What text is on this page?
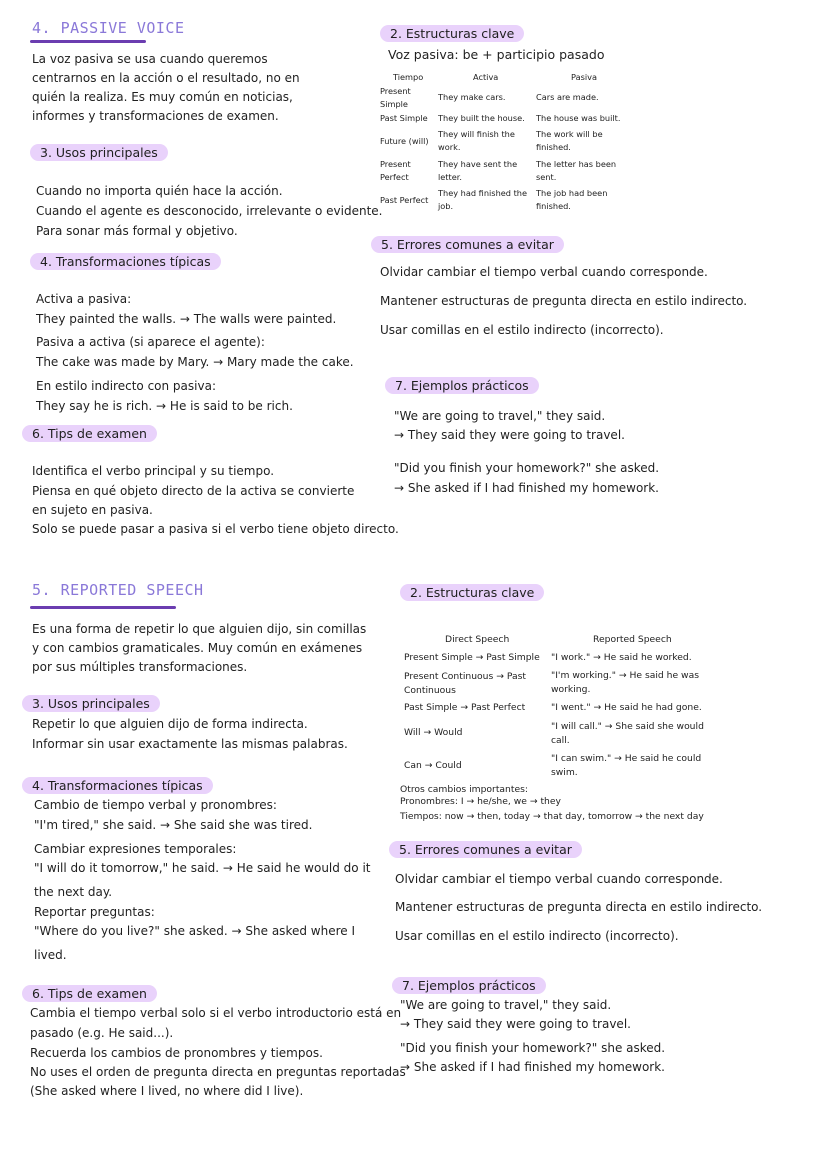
4. PASSIVE VOICE
La voz pasiva se usa cuando queremos centrarnos en la acción o el resultado, no en quién la realiza. Es muy común en noticias, informes y transformaciones de examen.
3. Usos principales
Cuando no importa quién hace la acción.
Cuando el agente es desconocido, irrelevante o evidente.
Para sonar más formal y objetivo.
4. Transformaciones típicas
Activa a pasiva:
They painted the walls. → The walls were painted.
Pasiva a activa (si aparece el agente):
The cake was made by Mary. → Mary made the cake.
En estilo indirecto con pasiva:
They say he is rich. → He is said to be rich.
6. Tips de examen
Identifica el verbo principal y su tiempo.
Piensa en qué objeto directo de la activa se convierte en sujeto en pasiva.
Solo se puede pasar a pasiva si el verbo tiene objeto directo.
2. Estructuras clave
Voz pasiva: be + participio pasado
Tiempo	Activa	Pasiva
Present Simple
They make cars.	Cars are made.
Past Simple They built the house. The house was built.
Future (will)
They will finish the work.
The work will be finished.
Present Perfect
They have sent the letter.
The letter has been sent.
Past Perfect
They had finished the job.
The job had been finished.
5. Errores comunes a evitar
Olvidar cambiar el tiempo verbal cuando corresponde.
Mantener estructuras de pregunta directa en estilo indirecto.
Usar comillas en el estilo indirecto (incorrecto).
7. Ejemplos prácticos
"We are going to travel," they said.
→ They said they were going to travel.
"Did you finish your homework?" she asked.
→ She asked if I had finished my homework.
5. REPORTED SPEECH
Es una forma de repetir lo que alguien dijo, sin comillas
y con cambios gramaticales. Muy común en exámenes
por sus múltiples transformaciones.
3. Usos principales
Repetir lo que alguien dijo de forma indirecta.
Informar sin usar exactamente las mismas palabras.
4. Transformaciones típicas
Cambio de tiempo verbal y pronombres:
"I'm tired," she said. → She said she was tired.
Cambiar expresiones temporales:
"I will do it tomorrow," he said. → He said he would do it
the next day.
Reportar preguntas:
"Where do you live?" she asked. → She asked where I
lived.
6. Tips de examen
Cambia el tiempo verbal solo si el verbo introductorio está en
pasado (e.g. He said...).
Recuerda los cambios de pronombres y tiempos.
No uses el orden de pregunta directa en preguntas reportadas
(She asked where I lived, no where did I live).
2. Estructuras clave
Direct Speech	Reported Speech
Present Simple → Past Simple "I work." → He said he worked.
Present Continuous → Past Continuous
"I'm working." → He said he was working.
Past Simple → Past Perfect	"I went." → He said he had gone.
Will → Would
"I will call." → She said she would call.
Can → Could
"I can swim." → He said he could swim.
Otros cambios importantes:
Pronombres: I → he/she, we → they
Tiempos: now → then, today → that day, tomorrow → the next day
5. Errores comunes a evitar
Olvidar cambiar el tiempo verbal cuando corresponde.
Mantener estructuras de pregunta directa en estilo indirecto.
Usar comillas en el estilo indirecto (incorrecto).
7. Ejemplos prácticos
"We are going to travel," they said.
→ They said they were going to travel.
"Did you finish your homework?" she asked.
→ She asked if I had finished my homework.
